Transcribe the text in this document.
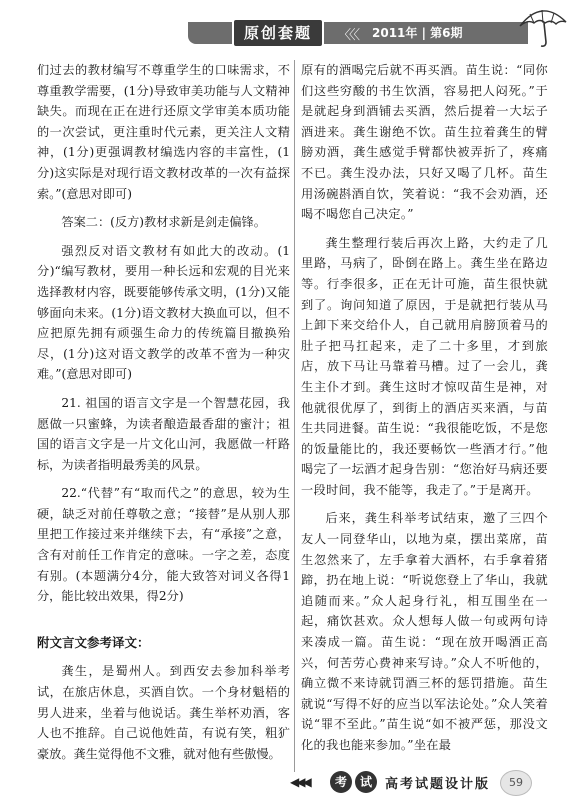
原创套题	〈〈〈 2011年 | 第6期

们过去的教材编写不尊重学生的口味需求，不尊重教学需要，(1分)导致审美功能与人文精神缺失。而现在正在进行还原文学审美本质功能的一次尝试，更注重时代元素，更关注人文精神，(1分)更强调教材编选内容的丰富性，(1分)这实际是对现行语文教材改革的一次有益探索。”(意思对即可)

答案二：(反方)教材求新是剑走偏锋。

强烈反对语文教材有如此大的改动。(1分)“编写教材，要用一种长远和宏观的目光来选择教材内容，既要能够传承文明，(1分)又能够面向未来。(1分)语文教材大换血可以，但不应把原先拥有顽强生命力的传统篇目撤换殆尽，(1分)这对语文教学的改革不啻为一种灾难。”(意思对即可)

21. 祖国的语言文字是一个智慧花园，我愿做一只蜜蜂，为读者酿造最香甜的蜜汁；祖国的语言文字是一片文化山河，我愿做一杆路标，为读者指明最秀美的风景。

22.“代替”有“取而代之”的意思，较为生硬，缺乏对前任尊敬之意；“接替”是从别人那里把工作接过来并继续下去，有“承接”之意，含有对前任工作肯定的意味。一字之差，态度有别。(本题满分4分，能大致答对词义各得1分，能比较出效果，得2分)

附文言文参考译文：

龚生，是蜀州人。到西安去参加科举考试，在旅店休息，买酒自饮。一个身材魁梧的男人进来，坐着与他说话。龚生举杯劝酒，客人也不推辞。自己说他姓苗，有说有笑，粗犷豪放。龚生觉得他不文雅，就对他有些傲慢。

原有的酒喝完后就不再买酒。苗生说：“同你们这些穷酸的书生饮酒，容易把人闷死。”于是就起身到酒铺去买酒，然后提着一大坛子酒进来。龚生谢绝不饮。苗生拉着龚生的臂膀劝酒，龚生感觉手臂都快被弄折了，疼痛不已。龚生没办法，只好又喝了几杯。苗生用汤碗斟酒自饮，笑着说：“我不会劝酒，还喝不喝您自己决定。”

龚生整理行装后再次上路，大约走了几里路，马病了，卧倒在路上。龚生坐在路边等。行李很多，正在无计可施，苗生很快就到了。询问知道了原因，于是就把行装从马上卸下来交给仆人，自己就用肩膀顶着马的肚子把马扛起来，走了二十多里，才到旅店，放下马让马靠着马槽。过了一会儿，龚生主仆才到。龚生这时才惊叹苗生是神，对他就很优厚了，到街上的酒店买来酒，与苗生共同进餐。苗生说：“我很能吃饭，不是您的饭量能比的，我还要畅饮一些酒才行。”他喝完了一坛酒才起身告别：“您治好马病还要一段时间，我不能等，我走了。”于是离开。

后来，龚生科举考试结束，邀了三四个友人一同登华山，以地为桌，摆出菜席，苗生忽然来了，左手拿着大酒杯，右手拿着猪蹄，扔在地上说：“听说您登上了华山，我就追随而来。”众人起身行礼，相互围坐在一起，痛饮甚欢。众人想每人做一句或两句诗来凑成一篇。苗生说：“现在放开喝酒正高兴，何苦劳心费神来写诗。”众人不听他的，确立微不来诗就罚酒三杯的惩罚措施。苗生就说“写得不好的应当以军法论处。”众人笑着说“罪不至此。”苗生说“如不被严惩，那没文化的我也能来参加。”坐在最

◀◀◀	考	试	高考试题设计版	59
